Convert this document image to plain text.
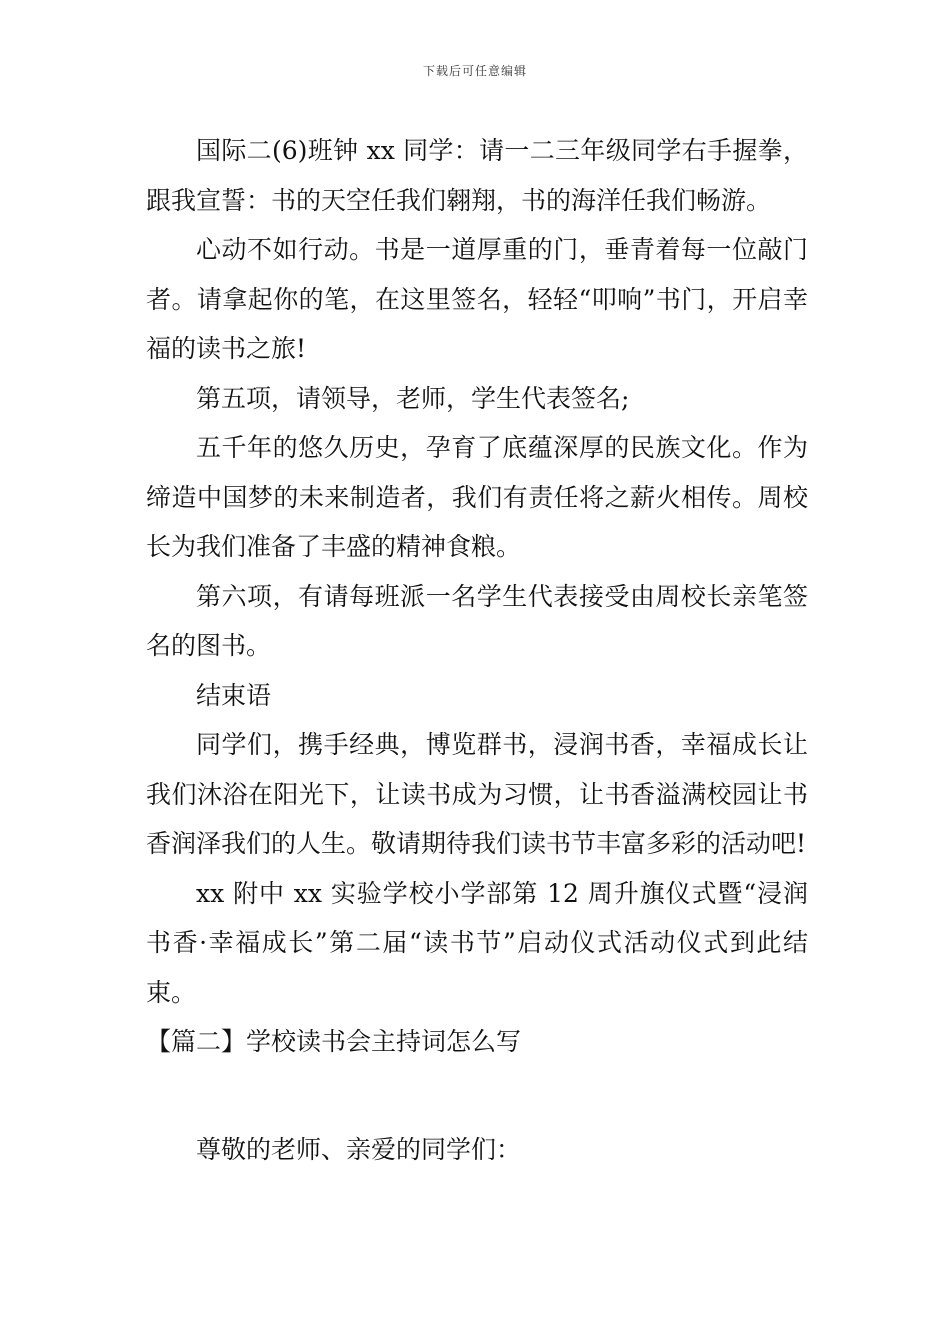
下载后可任意编辑

国际二(6)班钟 xx 同学：请一二三年级同学右手握拳，跟我宣誓：书的天空任我们翱翔，书的海洋任我们畅游。

心动不如行动。书是一道厚重的门，垂青着每一位敲门者。请拿起你的笔，在这里签名，轻轻“叩响”书门，开启幸福的读书之旅!

第五项，请领导，老师，学生代表签名;

五千年的悠久历史，孕育了底蕴深厚的民族文化。作为缔造中国梦的未来制造者，我们有责任将之薪火相传。周校长为我们准备了丰盛的精神食粮。

第六项，有请每班派一名学生代表接受由周校长亲笔签名的图书。

结束语

同学们，携手经典，博览群书，浸润书香，幸福成长让我们沐浴在阳光下，让读书成为习惯，让书香溢满校园让书香润泽我们的人生。敬请期待我们读书节丰富多彩的活动吧!

xx 附中 xx 实验学校小学部第 12 周升旗仪式暨“浸润书香·幸福成长”第二届“读书节”启动仪式活动仪式到此结束。

【篇二】学校读书会主持词怎么写

尊敬的老师、亲爱的同学们：
